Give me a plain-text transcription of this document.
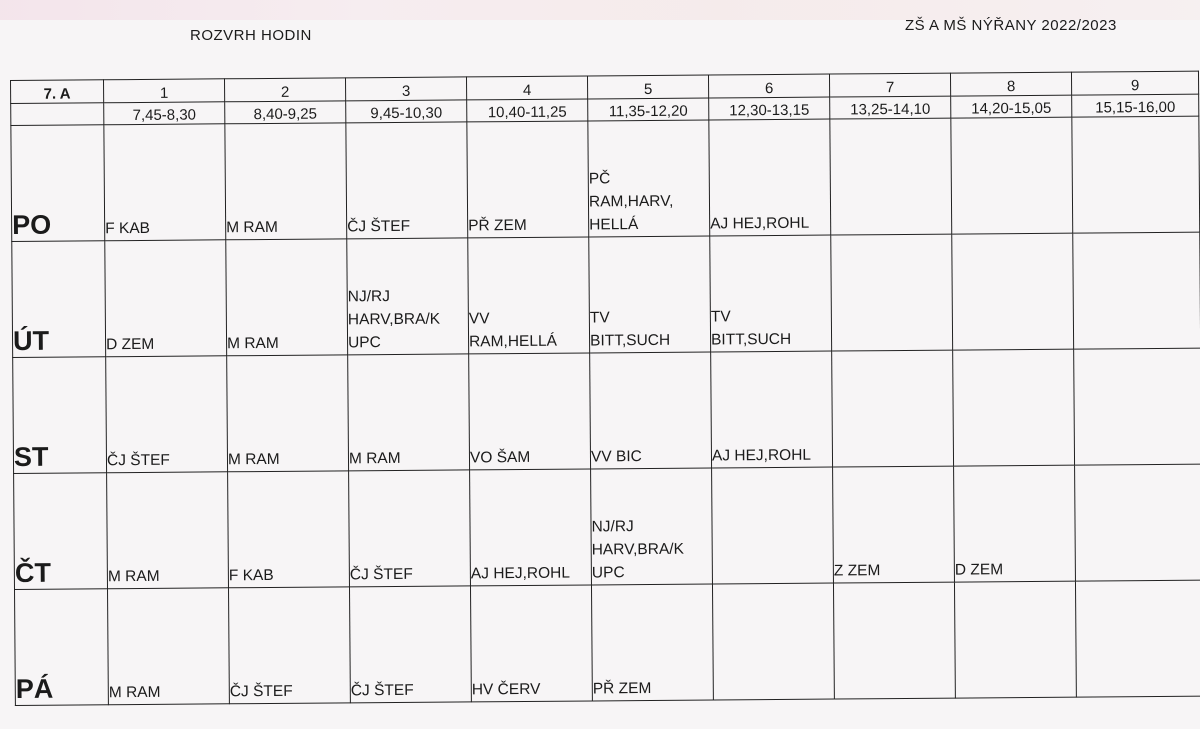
ROZVRH HODIN
ZŠ A MŠ NÝŘANY 2022/2023
7. A	1	2	3	4	5	6	7	8	9
	7,45-8,30	8,40-9,25	9,45-10,30	10,40-11,25	11,35-12,20	12,30-13,15	13,25-14,10	14,20-15,05	15,15-16,00
PO	F KAB	M RAM	ČJ ŠTEF	PŘ ZEM	PČ
RAM,HARV,
HELLÁ	AJ HEJ,ROHL			
ÚT	D ZEM	M RAM	NJ/RJ
HARV,BRA/K
UPC	VV
RAM,HELLÁ	TV
BITT,SUCH	TV
BITT,SUCH			
ST	ČJ ŠTEF	M RAM	M RAM	VO ŠAM	VV BIC	AJ HEJ,ROHL			
ČT	M RAM	F KAB	ČJ ŠTEF	AJ HEJ,ROHL	NJ/RJ
HARV,BRA/K
UPC		Z ZEM	D ZEM	
PÁ	M RAM	ČJ ŠTEF	ČJ ŠTEF	HV ČERV	PŘ ZEM				
